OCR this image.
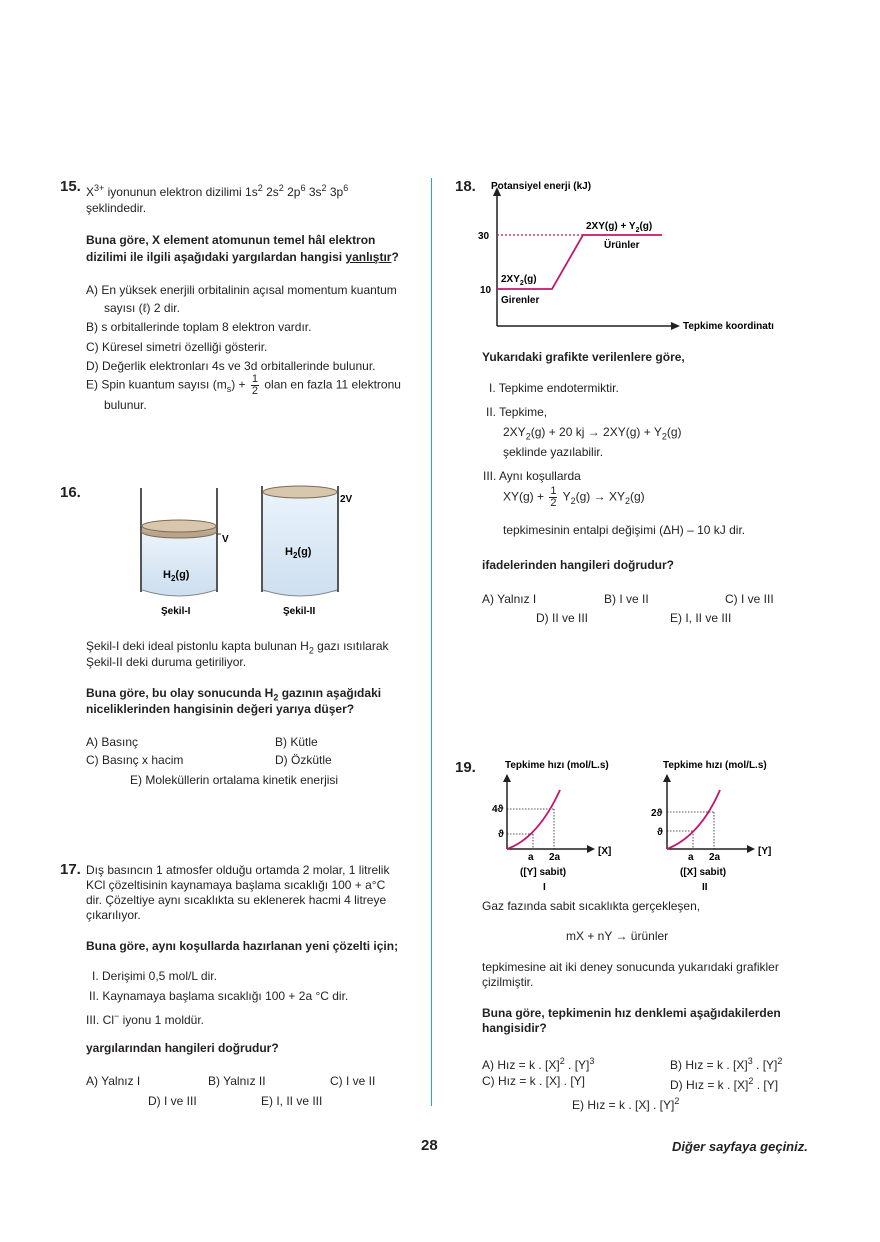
15. $X^{3+}$ iyonunun elektron dizilimi $1s^2$ $2s^2$ $2p^6$ $3s^2$ $3p^6$
şeklindedir.
Buna göre, X element atomunun temel hâl elektron
dizilimi ile ilgili aşağıdaki yargılardan hangisi yanlıştır?
A) En yüksek enerjili orbitalinin açısal momentum kuantum
sayısı (ℓ) 2 dir.
B) s orbitallerinde toplam 8 elektron vardır.
C) Küresel simetri özelliği gösterir.
D) Değerlik elektronları 4s ve 3d orbitallerinde bulunur.
E) Spin kuantum sayısı $(m_s) + \frac{1}{2}$ olan en fazla 11 elektronu
bulunur.
16.
V
$H_2(g)$
Şekil-I
2V
$H_2(g)$
Şekil-II
Şekil-I deki ideal pistonlu kapta bulunan $H_2$ gazı ısıtılarak
Şekil-II deki duruma getiriliyor.
Buna göre, bu olay sonucunda $H_2$ gazının aşağıdaki
niceliklerinden hangisinin değeri yarıya düşer?
A) Basınç	B) Kütle
C) Basınç x hacim	D) Özkütle
E) Moleküllerin ortalama kinetik enerjisi
17. Dış basıncın 1 atmosfer olduğu ortamda 2 molar, 1 litrelik
KCl çözeltisinin kaynamaya başlama sıcaklığı 100 + a°C
dir. Çözeltiye aynı sıcaklıkta su eklenerek hacmi 4 litreye
çıkarılıyor.
Buna göre, aynı koşullarda hazırlanan yeni çözelti için;
I. Derişimi 0,5 mol/L dir.
II. Kaynamaya başlama sıcaklığı 100 + 2a °C dir.
III. Cl− iyonu 1 moldür.
yargılarından hangileri doğrudur?
A) Yalnız I	B) Yalnız II	C) I ve II
D) I ve III	E) I, II ve III
18. Potansiyel enerji (kJ)
Tepkime koordinatı
30
10
$2XY(g) + Y_2(g)$
Ürünler
$2XY_2(g)$
Girenler
Yukarıdaki grafikte verilenlere göre,
I. Tepkime endotermiktir.
II. Tepkime,
$2XY_2(g) + 20$ kj → $2XY(g) + Y_2(g)$
şeklinde yazılabilir.
III. Aynı koşullarda
$XY(g) + \frac{1}{2} Y_2(g) \to XY_2(g)$
tepkimesinin entalpi değişimi (ΔH) – 10 kJ dir.
ifadelerinden hangileri doğrudur?
A) Yalnız I	B) I ve II	C) I ve III
D) II ve III	E) I, II ve III
19.	Tepkime hızı (mol/L.s)
[X]
4ϑ
ϑ
a 2a
([Y] sabit)
I
Tepkime hızı (mol/L.s)
[Y]
2ϑ
ϑ
a 2a
([X] sabit)
II
Gaz fazında sabit sıcaklıkta gerçekleşen,
mX + nY → ürünler
tepkimesine ait iki deney sonucunda yukarıdaki grafikler
çizilmiştir.
Buna göre, tepkimenin hız denklemi aşağıdakilerden
hangisidir?
A) Hız = k . $[X]^2$ . $[Y]^3$	B) Hız = k . $[X]^3$ . $[Y]^2$
C) Hız = k . [X] . [Y]	D) Hız = k . $[X]^2$ . [Y]
E) Hız = k . [X] . $[Y]^2$
28	Diğer sayfaya geçiniz.
